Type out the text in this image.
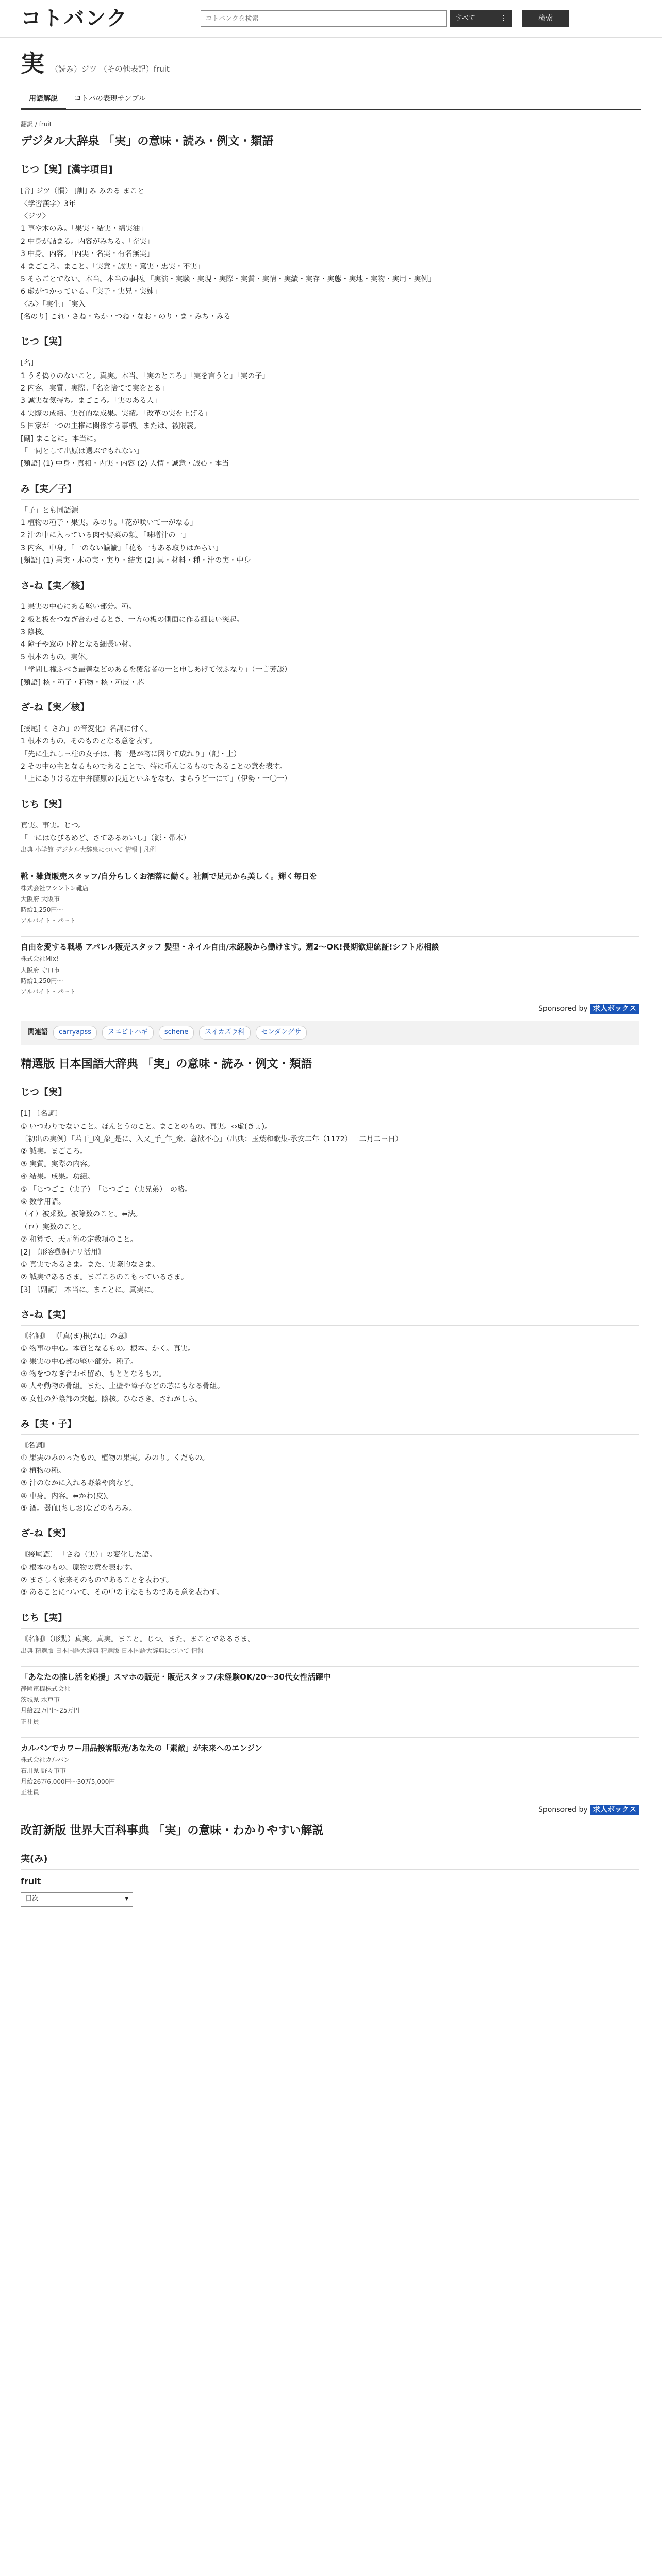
コトバンク
コトバンクを検索	すべて	⋮	検索
実 （読み）ジツ （その他表記）fruit
用語解説	コトバの表現サンプル
翻訳 / fruit
デジタル大辞泉 「実」の意味・読み・例文・類語
じつ【実】[漢字項目]
[音] ジツ（慣） [訓] み みのる まこと
〈学習漢字〉3年
〈ジツ〉
1 草や木のみ。「果実・結実・綿実油」
2 中身が詰まる。内容がみちる。「充実」
3 中身。内容。「内実・名実・有名無実」
4 まごころ。まこと。「実意・誠実・篤実・忠実・不実」
5 そらごとでない。本当。本当の事柄。「実演・実験・実現・実際・実質・実情・実績・実存・実態・実地・実物・実用・実例」
6 虚がつかっている。「実子・実兄・実姉」
〈み〉「実生」「実入」
[名のり] これ・さね・ちか・つね・なお・のり・ま・みち・みる
じつ【実】
[名]
1 うそ偽りのないこと。真実。本当。「実のところ」「実を言うと」「実の子」
2 内容。実質。実際。「名を捨てて実をとる」
3 誠実な気持ち。まごころ。「実のある人」
4 実際の成績。実質的な成果。実績。「改革の実を上げる」
5 国家が一つの主権に関係する事柄。または、被限義。
[副] まことに。本当に。
「一同として出原は選ぶでもれない」
[類語] (1) 中身・真相・内実・内容 (2) 人情・誠意・誠心・本当
み【実／子】
「子」とも同語源
1 植物の種子・果実。みのり。「花が咲いて一がなる」
2 汁の中に入っている肉や野菜の類。「味噌汁の一」
3 内容。中身。「一のない議論」「花も一もある取りはからい」
[類語] (1) 果実・木の実・実り・結実 (2) 具・材料・種・汁の実・中身
さ-ね【実／核】
1 果実の中心にある堅い部分。種。
2 板と板をつなぎ合わせるとき、一方の板の側面に作る細長い突起。
3 陰核。
4 障子や窓の下枠となる細長い材。
5 根本のもの。実体。
「学問し権ふべき最善などのあるを覆常者の一と申しあげて候ふなり」（一言芳談）
[類語] 核・種子・種物・核・種皮・芯
ざ-ね【実／核】
[接尾]《「さね」の音変化》名詞に付く。
1 根本のもの、そのものとなる意を表す。
「先に生れし三柱の女子は、物一是が物に因りて成れり」（記・上）
2 その中の主となるものであることで、特に重んじるものであることの意を表す。
「上にありける左中弁藤原の良近といふをなむ、まらうど一にて」（伊勢・一〇一）
じち【実】
真実。事実。じつ。
「一にはなびるめど、さてあるめいし」（源・帚木）
出典 小学館 デジタル大辞泉について 情報 | 凡例
靴・雑貨販売スタッフ/自分らしくお洒落に働く。社割で足元から美しく。輝く毎日を
株式会社ワシントン靴店
大阪府 大阪市
時給1,250円〜
アルバイト・パート
自由を愛する戦場 アパレル販売スタッフ 髪型・ネイル自由/未経験から働けます。週2〜OK!長期歓迎統証!シフト応相談
株式会社Mix!
大阪府 守口市
時給1,250円〜
アルバイト・パート
Sponsored by 求人ボックス
関連語	carryapss	ヌエビトハギ	schene	スイカズラ科	センダングサ
精選版 日本国語大辞典 「実」の意味・読み・例文・類語
じつ【実】
[1] 〘名詞〙
① いつわりでないこと。ほんとうのこと。まことのもの。真実。⇔虚(きょ)。
〔初出の実例〕「若干_凶_象_是に、入又_手_年_衆、意歓不心」（出典：玉葉和歌集-承安二年（1172）一二月二三日）
② 誠実。まごころ。
③ 実質。実際の内容。
④ 結果。成果。功績。
⑤ 「じつごこ（実子）」「じつごこ（実兄弟）」の略。
⑥ 数学用語。
（イ）被乗数。被除数のこと。⇔法。
（ロ）実数のこと。
⑦ 和算で、天元術の定数項のこと。
[2] 〘形容動詞ナリ活用〙
① 真実であるさま。また、実際的なさま。
② 誠実であるさま。まごころのこもっているさま。
[3] 〘副詞〙 本当に。まことに。真実に。
さ-ね【実】
〘名詞〙 〘「真(ま)根(ね)」の意〙
① 物事の中心。本質となるもの。根本。かく。真実。
② 果実の中心部の堅い部分。種子。
③ 物をつなぎ合わせ留め、もととなるもの。
④ 人や動物の骨組。また、土壁や障子などの芯にもなる骨組。
⑤ 女性の外陰部の突起。陰核。ひなさき。さねがしら。
み【実・子】
〘名詞〙
① 果実のみのったもの。植物の果実。みのり。くだもの。
② 植物の種。
③ 汁のなかに入れる野菜や肉など。
④ 中身。内容。⇔かわ(皮)。
⑤ 酒。器血(ちしお)などのもろみ。
ざ-ね【実】
〘接尾語〙 「さね（実）」の変化した語。
① 根本のもの、原物の意を表わす。
② まさしく家来そのものであることを表わす。
③ あることについて、その中の主なるものである意を表わす。
じち【実】
〘名詞〙（形動）真実。真実。まこと。じつ。また、まことであるさま。
出典 精選版 日本国語大辞典 精選版 日本国語大辞典について 情報
「あなたの推し活を応援」スマホの販売・販売スタッフ/未経験OK/20〜30代女性活躍中
静岡電機株式会社
茨城県 水戸市
月給22万円〜25万円
正社員
カルバンでカワー用品接客販売/あなたの「素敵」が未来へのエンジン
株式会社カルバン
石川県 野々市市
月給26万6,000円〜30万5,000円
正社員
Sponsored by 求人ボックス
改訂新版 世界大百科事典 「実」の意味・わかりやすい解説
実(み)
fruit
目次	▾
